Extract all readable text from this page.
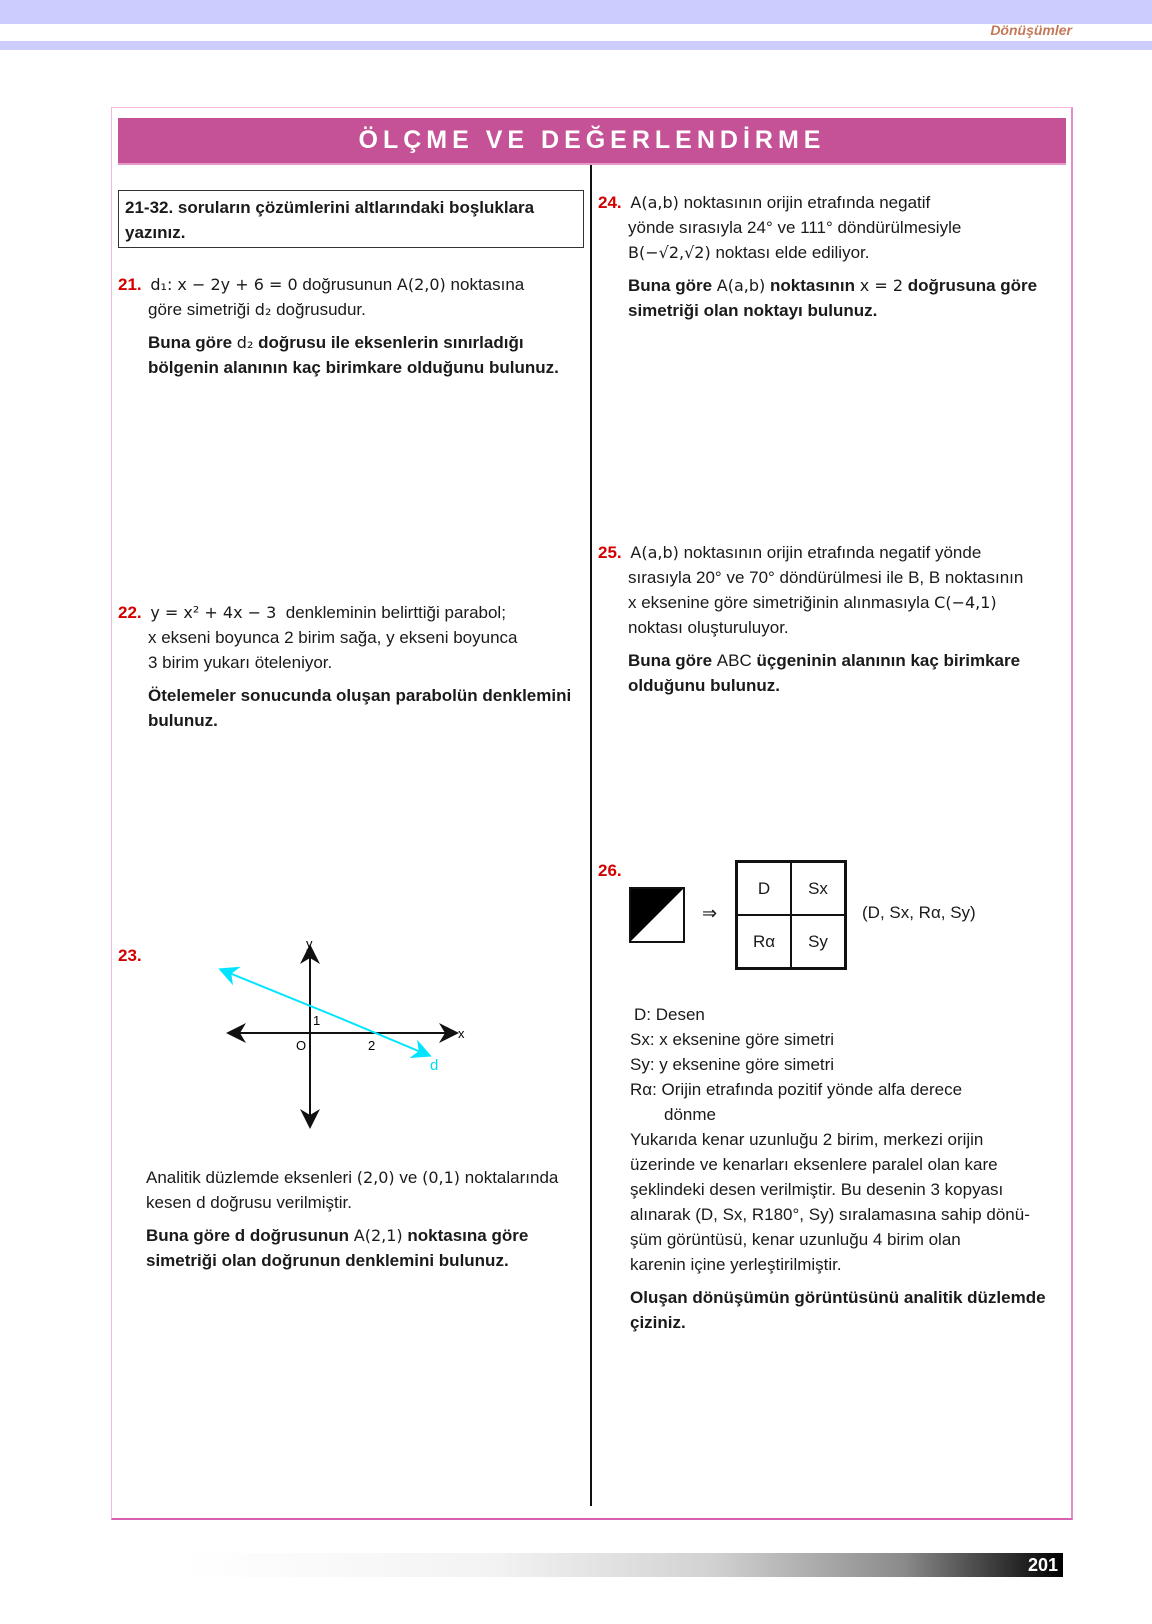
Dönüşümler
ÖLÇME VE DEĞERLENDİRME
21-32. soruların çözümlerini altlarındaki boşluklara yazınız.
21. d₁: x − 2y + 6 = 0 doğrusunun A(2,0) noktasına
göre simetriği d₂ doğrusudur.
Buna göre d₂ doğrusu ile eksenlerin sınırladığı bölgenin alanının kaç birimkare olduğunu bulunuz.
22. y = x² + 4x − 3 denkleminin belirttiği parabol;
x ekseni boyunca 2 birim sağa, y ekseni boyunca
3 birim yukarı öteleniyor.
Ötelemeler sonucunda oluşan parabolün denklemini bulunuz.
23.
y
x
O	2
1
d
Analitik düzlemde eksenleri (2,0) ve (0,1) noktalarında kesen d doğrusu verilmiştir.
Buna göre d doğrusunun A(2,1) noktasına göre simetriği olan doğrunun denklemini bulunuz.
24. A(a,b) noktasının orijin etrafında negatif
yönde sırasıyla 24° ve 111° döndürülmesiyle
B(−√2,√2) noktası elde ediliyor.
Buna göre A(a,b) noktasının x = 2 doğrusuna göre simetriği olan noktayı bulunuz.
25. A(a,b) noktasının orijin etrafında negatif yönde
sırasıyla 20° ve 70° döndürülmesi ile B, B noktasının
x eksenine göre simetriğinin alınmasıyla C(−4,1)
noktası oluşturuluyor.
Buna göre ABC üçgeninin alanının kaç birimkare olduğunu bulunuz.
26.
⇒
D Sx
Rα Sy
(D, Sx, Rα, Sy)
D: Desen
Sx: x eksenine göre simetri
Sy: y eksenine göre simetri
Rα: Orijin etrafında pozitif yönde alfa derece
dönme
Yukarıda kenar uzunluğu 2 birim, merkezi orijin
üzerinde ve kenarları eksenlere paralel olan kare
şeklindeki desen verilmiştir. Bu desenin 3 kopyası
alınarak (D, Sx, R180°, Sy) sıralamasına sahip dönü-
şüm görüntüsü, kenar uzunluğu 4 birim olan
karenin içine yerleştirilmiştir.
Oluşan dönüşümün görüntüsünü analitik düzlemde çiziniz.
201
